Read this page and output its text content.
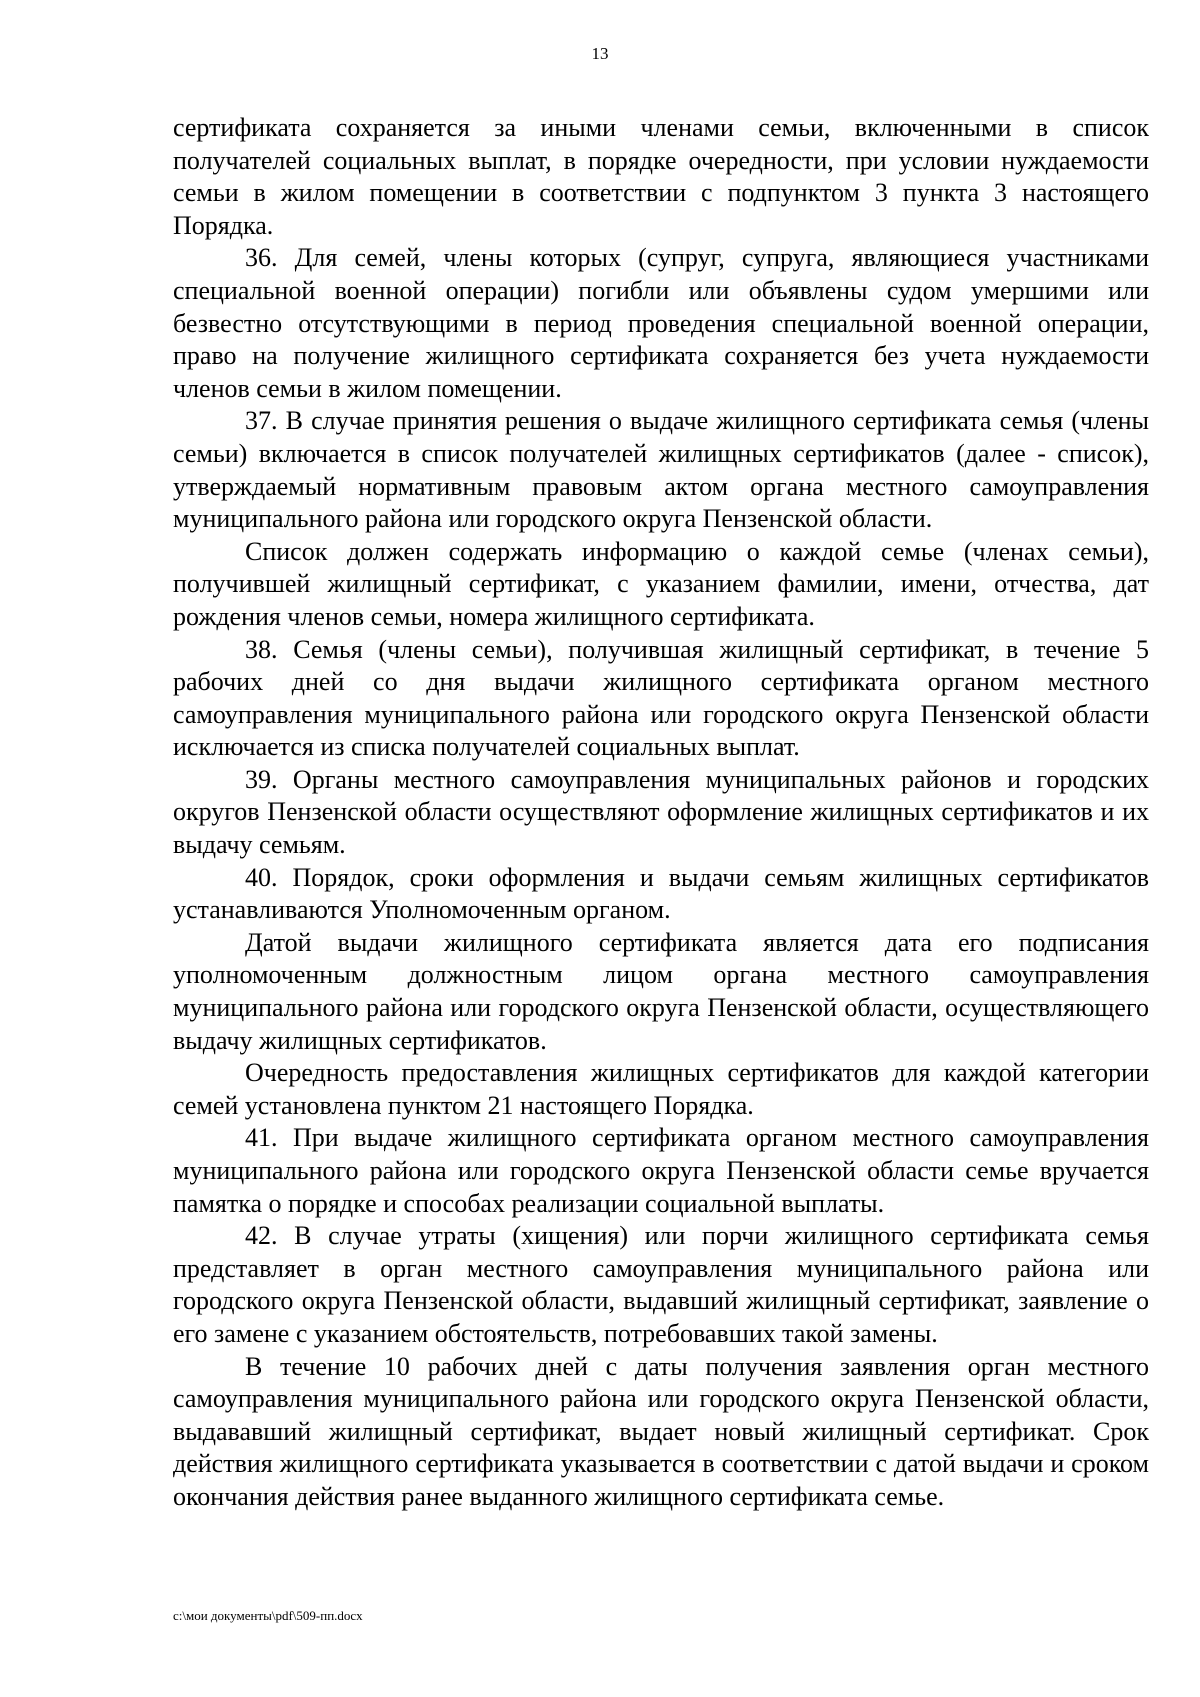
13

сертификата сохраняется за иными членами семьи, включенными в список получателей социальных выплат, в порядке очередности, при условии нуждаемости семьи в жилом помещении в соответствии с подпунктом 3 пункта 3 настоящего Порядка.

36. Для семей, члены которых (супруг, супруга, являющиеся участниками специальной военной операции) погибли или объявлены судом умершими или безвестно отсутствующими в период проведения специальной военной операции, право на получение жилищного сертификата сохраняется без учета нуждаемости членов семьи в жилом помещении.

37. В случае принятия решения о выдаче жилищного сертификата семья (члены семьи) включается в список получателей жилищных сертификатов (далее - список), утверждаемый нормативным правовым актом органа местного самоуправления муниципального района или городского округа Пензенской области.

Список должен содержать информацию о каждой семье (членах семьи), получившей жилищный сертификат, с указанием фамилии, имени, отчества, дат рождения членов семьи, номера жилищного сертификата.

38. Семья (члены семьи), получившая жилищный сертификат, в течение 5 рабочих дней со дня выдачи жилищного сертификата органом местного самоуправления муниципального района или городского округа Пензенской области исключается из списка получателей социальных выплат.

39. Органы местного самоуправления муниципальных районов и городских округов Пензенской области осуществляют оформление жилищных сертификатов и их выдачу семьям.

40. Порядок, сроки оформления и выдачи семьям жилищных сертификатов устанавливаются Уполномоченным органом.

Датой выдачи жилищного сертификата является дата его подписания уполномоченным должностным лицом органа местного самоуправления муниципального района или городского округа Пензенской области, осуществляющего выдачу жилищных сертификатов.

Очередность предоставления жилищных сертификатов для каждой категории семей установлена пунктом 21 настоящего Порядка.

41. При выдаче жилищного сертификата органом местного самоуправления муниципального района или городского округа Пензенской области семье вручается памятка о порядке и способах реализации социальной выплаты.

42. В случае утраты (хищения) или порчи жилищного сертификата семья представляет в орган местного самоуправления муниципального района или городского округа Пензенской области, выдавший жилищный сертификат, заявление о его замене с указанием обстоятельств, потребовавших такой замены.

В течение 10 рабочих дней с даты получения заявления орган местного самоуправления муниципального района или городского округа Пензенской области, выдававший жилищный сертификат, выдает новый жилищный сертификат. Срок действия жилищного сертификата указывается в соответствии с датой выдачи и сроком окончания действия ранее выданного жилищного сертификата семье.

c:\мои документы\pdf\509-пп.docx
